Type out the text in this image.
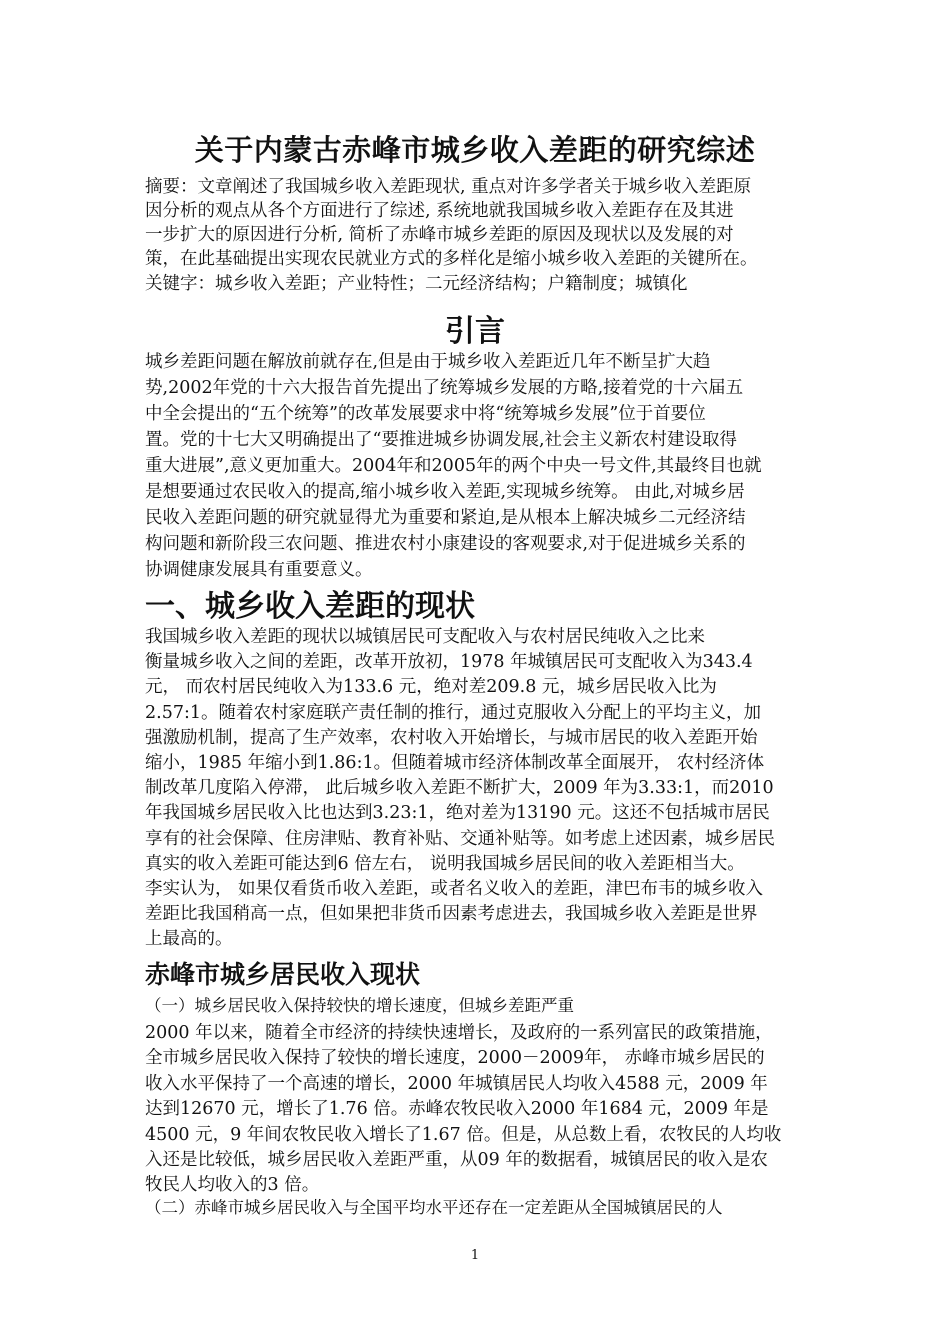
关于内蒙古赤峰市城乡收入差距的研究综述

摘要：文章阐述了我国城乡收入差距现状, 重点对许多学者关于城乡收入差距原
因分析的观点从各个方面进行了综述, 系统地就我国城乡收入差距存在及其进
一步扩大的原因进行分析, 简析了赤峰市城乡差距的原因及现状以及发展的对
策，在此基础提出实现农民就业方式的多样化是缩小城乡收入差距的关键所在。

关键字：城乡收入差距；产业特性；二元经济结构；户籍制度；城镇化

引言

城乡差距问题在解放前就存在,但是由于城乡收入差距近几年不断呈扩大趋
势,2002年党的十六大报告首先提出了统筹城乡发展的方略,接着党的十六届五
中全会提出的“五个统筹”的改革发展要求中将“统筹城乡发展”位于首要位
置。党的十七大又明确提出了“要推进城乡协调发展,社会主义新农村建设取得
重大进展”,意义更加重大。2004年和2005年的两个中央一号文件,其最终目也就
是想要通过农民收入的提高,缩小城乡收入差距,实现城乡统筹。 由此,对城乡居
民收入差距问题的研究就显得尤为重要和紧迫,是从根本上解决城乡二元经济结
构问题和新阶段三农问题、推进农村小康建设的客观要求,对于促进城乡关系的
协调健康发展具有重要意义。

一、城乡收入差距的现状

我国城乡收入差距的现状以城镇居民可支配收入与农村居民纯收入之比来
衡量城乡收入之间的差距，改革开放初，1978 年城镇居民可支配收入为343.4
元， 而农村居民纯收入为133.6 元，绝对差209.8 元，城乡居民收入比为
2.57:1。随着农村家庭联产责任制的推行，通过克服收入分配上的平均主义，加
强激励机制，提高了生产效率，农村收入开始增长，与城市居民的收入差距开始
缩小，1985 年缩小到1.86:1。但随着城市经济体制改革全面展开， 农村经济体
制改革几度陷入停滞， 此后城乡收入差距不断扩大，2009 年为3.33:1，而2010
年我国城乡居民收入比也达到3.23:1，绝对差为13190 元。这还不包括城市居民
享有的社会保障、住房津贴、教育补贴、交通补贴等。如考虑上述因素，城乡居民
真实的收入差距可能达到6 倍左右， 说明我国城乡居民间的收入差距相当大。
李实认为， 如果仅看货币收入差距，或者名义收入的差距，津巴布韦的城乡收入
差距比我国稍高一点，但如果把非货币因素考虑进去，我国城乡收入差距是世界
上最高的。

赤峰市城乡居民收入现状

（一）城乡居民收入保持较快的增长速度，但城乡差距严重

2000 年以来，随着全市经济的持续快速增长，及政府的一系列富民的政策措施，
全市城乡居民收入保持了较快的增长速度，2000－2009年， 赤峰市城乡居民的
收入水平保持了一个高速的增长，2000 年城镇居民人均收入4588 元，2009 年
达到12670 元，增长了1.76 倍。赤峰农牧民收入2000 年1684 元，2009 年是
4500 元，9 年间农牧民收入增长了1.67 倍。但是，从总数上看，农牧民的人均收
入还是比较低，城乡居民收入差距严重，从09 年的数据看，城镇居民的收入是农
牧民人均收入的3 倍。

（二）赤峰市城乡居民收入与全国平均水平还存在一定差距从全国城镇居民的人

1
